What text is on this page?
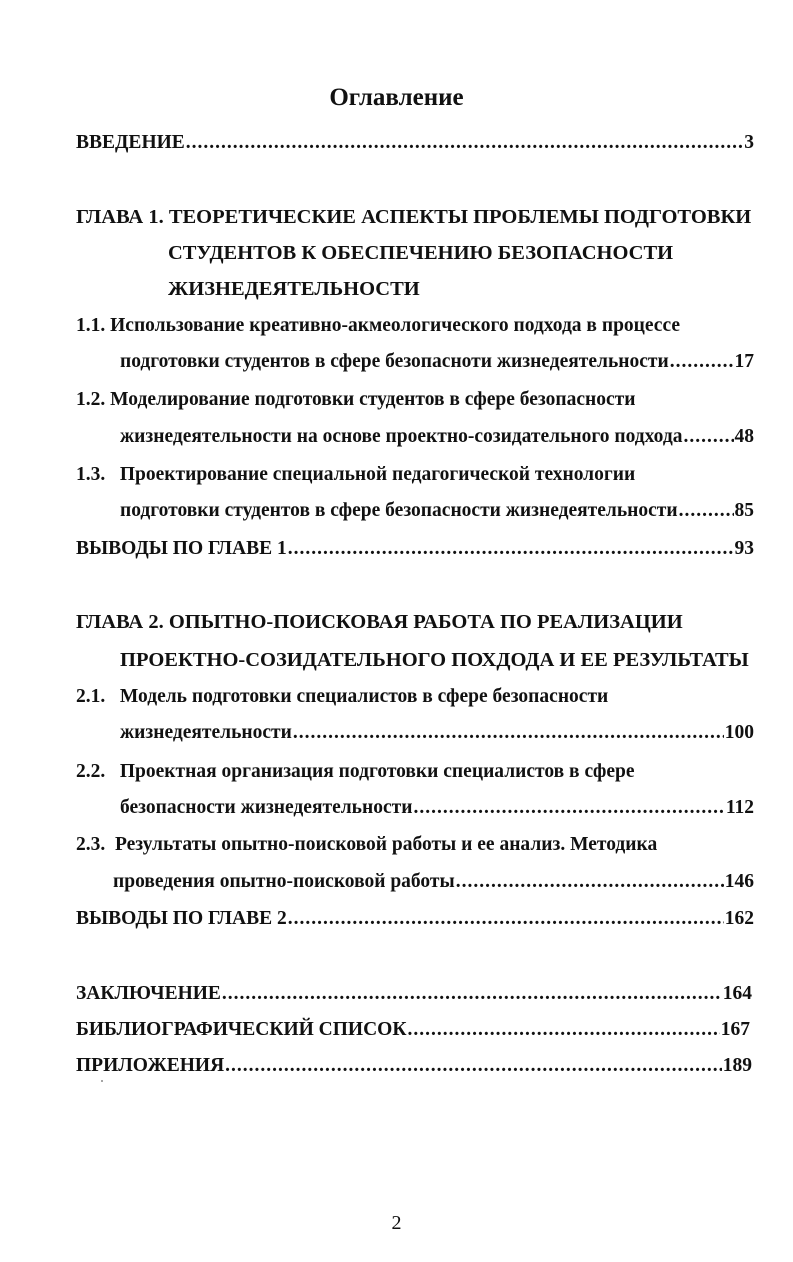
Оглавление
ВВЕДЕНИЕ .....	3
ГЛАВА 1. ТЕОРЕТИЧЕСКИЕ АСПЕКТЫ ПРОБЛЕМЫ ПОДГОТОВКИ
СТУДЕНТОВ К ОБЕСПЕЧЕНИЮ БЕЗОПАСНОСТИ
ЖИЗНЕДЕЯТЕЛЬНОСТИ
1.1. Использование креативно-акмеологического подхода в процессе
подготовки студентов в сфере безопасноти жизнедеятельности .....	17
1.2. Моделирование подготовки студентов в сфере безопасности
жизнедеятельности на основе проектно-созидательного подхода .....	48
1.3.   Проектирование специальной педагогической технологии
подготовки студентов в сфере безопасности жизнедеятельности .....	85
ВЫВОДЫ ПО ГЛАВЕ 1 .....	93
ГЛАВА 2. ОПЫТНО-ПОИСКОВАЯ РАБОТА ПО РЕАЛИЗАЦИИ
ПРОЕКТНО-СОЗИДАТЕЛЬНОГО ПОХДОДА И ЕЕ РЕЗУЛЬТАТЫ
2.1.   Модель подготовки специалистов в сфере безопасности
жизнедеятельности .....	100
2.2.   Проектная организация подготовки специалистов в сфере
безопасности жизнедеятельности .....	112
2.3.  Результаты опытно-поисковой работы и ее анализ. Методика
проведения опытно-поисковой работы .....	146
ВЫВОДЫ ПО ГЛАВЕ 2 .....	162
ЗАКЛЮЧЕНИЕ .....	164
БИБЛИОГРАФИЧЕСКИЙ СПИСОК .....	167
ПРИЛОЖЕНИЯ .....	189
2
